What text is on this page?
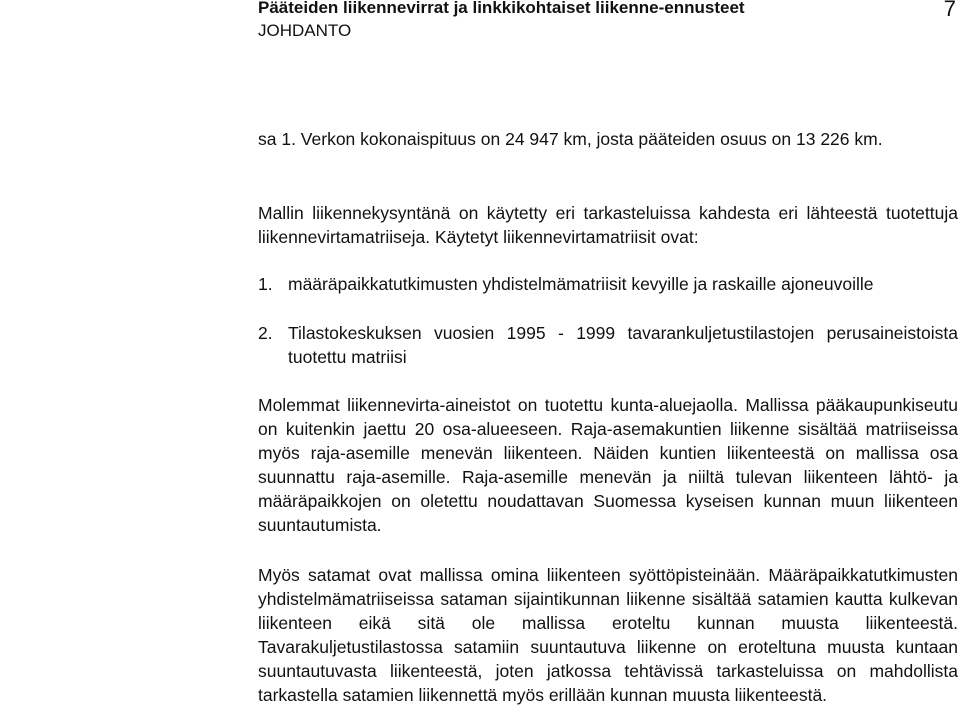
Pääteiden liikennevirrat ja linkkikohtaiset liikenne-ennusteet
JOHDANTO
7

sa 1. Verkon kokonaispituus on 24 947 km, josta pääteiden osuus on 13 226 km.

Mallin liikennekysyntänä on käytetty eri tarkasteluissa kahdesta eri lähteestä tuotettuja liikennevirtamatriiseja. Käytetyt liikennevirtamatriisit ovat:

1. määräpaikkatutkimusten yhdistelmämatriisit kevyille ja raskaille ajoneuvoille
2. Tilastokeskuksen vuosien 1995 - 1999 tavarankuljetustilastojen perusaineistoista tuotettu matriisi

Molemmat liikennevirta-aineistot on tuotettu kunta-aluejaolla. Mallissa pääkaupunkiseutu on kuitenkin jaettu 20 osa-alueeseen. Raja-asemakuntien liikenne sisältää matriiseissa myös raja-asemille menevän liikenteen. Näiden kuntien liikenteestä on mallissa osa suunnattu raja-asemille. Raja-asemille menevän ja niiltä tulevan liikenteen lähtö- ja määräpaikkojen on oletettu noudattavan Suomessa kyseisen kunnan muun liikenteen suuntautumista.

Myös satamat ovat mallissa omina liikenteen syöttöpisteinään. Määräpaikkatutkimusten yhdistelmämatriiseissa sataman sijaintikunnan liikenne sisältää satamien kautta kulkevan liikenteen eikä sitä ole mallissa eroteltu kunnan muusta liikenteestä. Tavarakuljetustilastossa satamiin suuntautuva liikenne on eroteltuna muusta kuntaan suuntautuvasta liikenteestä, joten jatkossa tehtävissä tarkasteluissa on mahdollista tarkastella satamien liikennettä myös erillään kunnan muusta liikenteestä.
